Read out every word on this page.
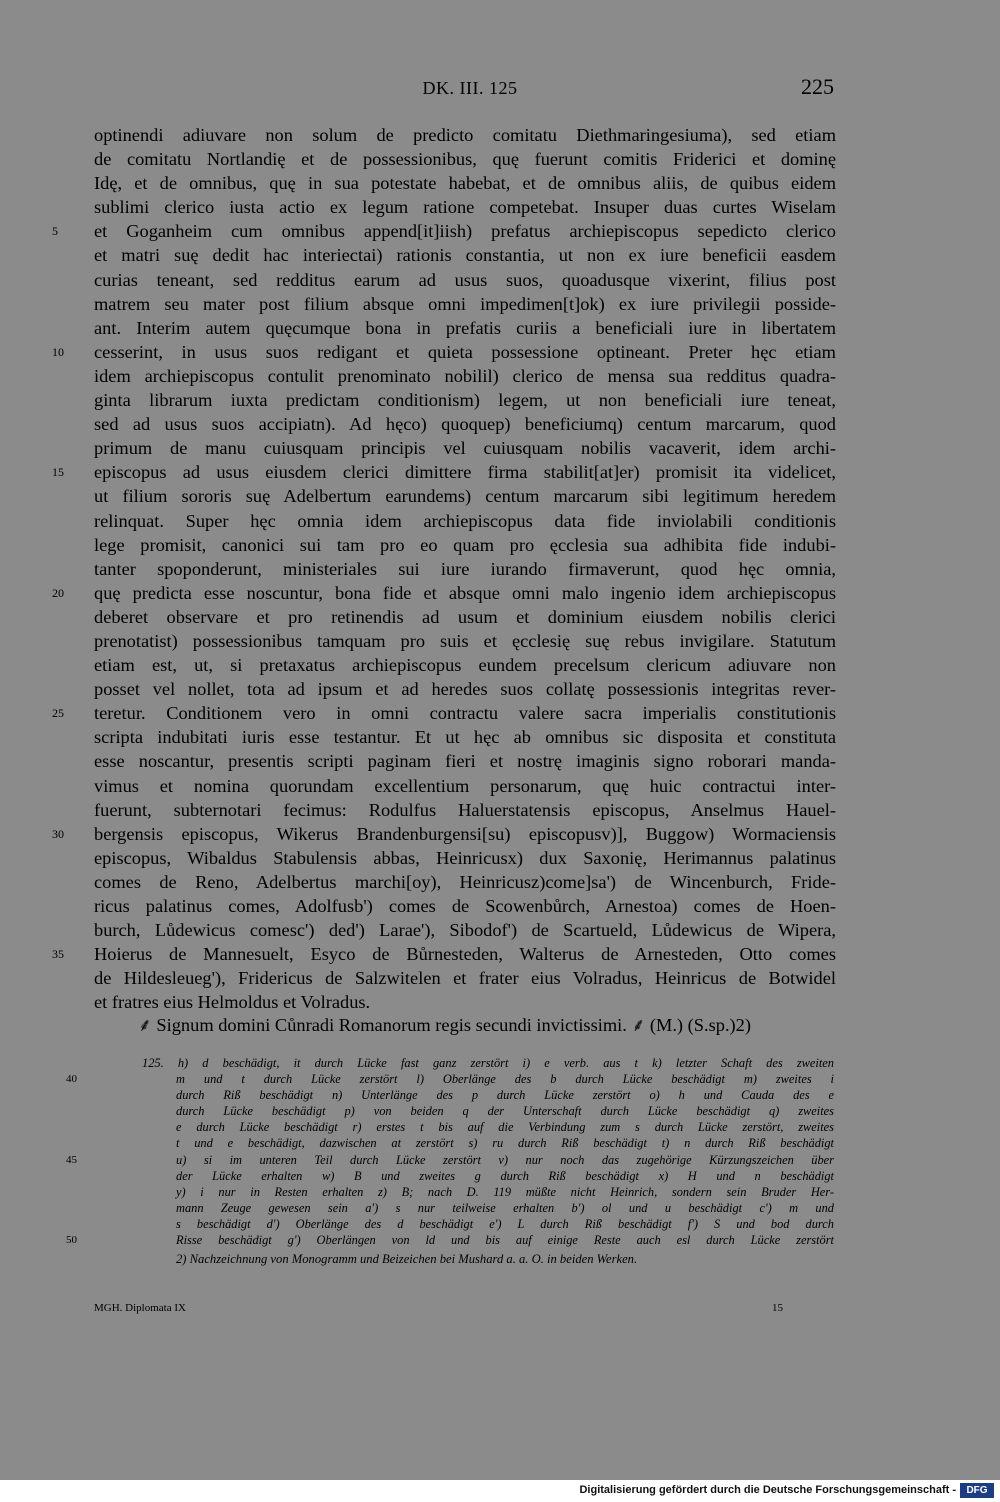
DK. III. 125	225
optinendi adiuvare non solum de predicto comitatu Diethmaringesiuma), sed etiam
de comitatu Nortlandię et de possessionibus, quę fuerunt comitis Friderici et dominę
Idę, et de omnibus, quę in sua potestate habebat, et de omnibus aliis, de quibus eidem
sublimi clerico iusta actio ex legum ratione competebat. Insuper duas curtes Wiselam
5	et Goganheim cum omnibus append[it]iish) prefatus archiepiscopus sepedicto clerico
et matri suę dedit hac interiectai) rationis constantia, ut non ex iure beneficii easdem
curias teneant, sed redditus earum ad usus suos, quoadusque vixerint, filius post
matrem seu mater post filium absque omni impedimen[t]ok) ex iure privilegii posside-
ant. Interim autem quęcumque bona in prefatis curiis a beneficiali iure in libertatem
10	cesserint, in usus suos redigant et quieta possessione optineant. Preter hęc etiam
idem archiepiscopus contulit prenominato nobilil) clerico de mensa sua redditus quadra-
ginta librarum iuxta predictam conditionism) legem, ut non beneficiali iure teneat,
sed ad usus suos accipiatn). Ad hęco) quoquep) beneficiumq) centum marcarum, quod
primum de manu cuiusquam principis vel cuiusquam nobilis vacaverit, idem archi-
15	episcopus ad usus eiusdem clerici dimittere firma stabilit[at]er) promisit ita videlicet,
ut filium sororis suę Adelbertum earundems) centum marcarum sibi legitimum heredem
relinquat. Super hęc omnia idem archiepiscopus data fide inviolabili conditionis
lege promisit, canonici sui tam pro eo quam pro ęcclesia sua adhibita fide indubi-
tanter spoponderunt, ministeriales sui iure iurando firmaverunt, quod hęc omnia,
20	quę predicta esse noscuntur, bona fide et absque omni malo ingenio idem archiepiscopus
deberet observare et pro retinendis ad usum et dominium eiusdem nobilis clerici
prenotatist) possessionibus tamquam pro suis et ęcclesię suę rebus invigilare. Statutum
etiam est, ut, si pretaxatus archiepiscopus eundem precelsum clericum adiuvare non
posset vel nollet, tota ad ipsum et ad heredes suos collatę possessionis integritas rever-
25	teretur. Conditionem vero in omni contractu valere sacra imperialis constitutionis
scripta indubitati iuris esse testantur. Et ut hęc ab omnibus sic disposita et constituta
esse noscantur, presentis scripti paginam fieri et nostrę imaginis signo roborari manda-
vimus et nomina quorundam excellentium personarum, quę huic contractui inter-
fuerunt, subternotari fecimus: Rodulfus Haluerstatensis episcopus, Anselmus Hauel-
30	bergensis episcopus, Wikerus Brandenburgensi[su) episcopusv)], Buggow) Wormaciensis
episcopus, Wibaldus Stabulensis abbas, Heinricusx) dux Saxonię, Herimannus palatinus
comes de Reno, Adelbertus marchi[oy), Heinricusz)come]sa') de Wincenburch, Fride-
ricus palatinus comes, Adolfusb') comes de Scowenbůrch, Arnestoa) comes de Hoen-
burch, Lůdewicus comesc') ded') Larae'), Sibodof') de Scartueld, Lůdewicus de Wipera,
35	Hoierus de Mannesuelt, Esyco de Bůrnesteden, Walterus de Arnesteden, Otto comes
de Hildesleueg'), Fridericus de Salzwitelen et frater eius Volradus, Heinricus de Botwidel
et fratres eius Helmoldus et Volradus.
⸙ Signum domini Cůnradi Romanorum regis secundi invictissimi. ⸙ (M.) (S.sp.)2)
125. h) d beschädigt, it durch Lücke fast ganz zerstört i) e verb. aus t k) letzter Schaft des zweiten
40	m und t durch Lücke zerstört l) Oberlänge des b durch Lücke beschädigt m) zweites i
durch Riß beschädigt n) Unterlänge des p durch Lücke zerstört o) h und Cauda des e
durch Lücke beschädigt p) von beiden q der Unterschaft durch Lücke beschädigt q) zweites
e durch Lücke beschädigt r) erstes t bis auf die Verbindung zum s durch Lücke zerstört, zweites
t und e beschädigt, dazwischen at zerstört s) ru durch Riß beschädigt t) n durch Riß beschädigt
45	u) si im unteren Teil durch Lücke zerstört v) nur noch das zugehörige Kürzungszeichen über
der Lücke erhalten w) B und zweites g durch Riß beschädigt x) H und n beschädigt
y) i nur in Resten erhalten z) B; nach D. 119 müßte nicht Heinrich, sondern sein Bruder Her-
mann Zeuge gewesen sein a') s nur teilweise erhalten b') ol und u beschädigt c') m und
s beschädigt d') Oberlänge des d beschädigt e') L durch Riß beschädigt f') S und bod durch
50	Risse beschädigt g') Oberlängen von ld und bis auf einige Reste auch esl durch Lücke zerstört
2) Nachzeichnung von Monogramm und Beizeichen bei Mushard a. a. O. in beiden Werken.
MGH. Diplomata IX	15
Digitalisierung gefördert durch die Deutsche Forschungsgemeinschaft -	DFG
